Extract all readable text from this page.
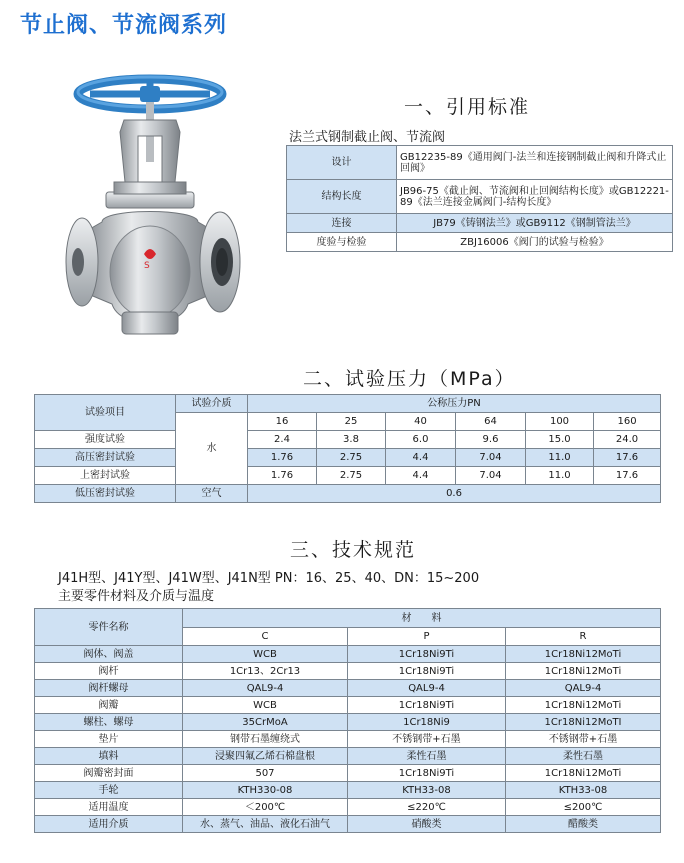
节止阀、节流阀系列
S
一、引用标准
法兰式钢制截止阀、节流阀
设计	GB12235-89《通用阀门-法兰和连接钢制截止阀和升降式止回阀》
结构长度	JB96-75《截止阀、节流阀和止回阀结构长度》或GB12221-89《法兰连接金属阀门-结构长度》
连接	JB79《铸钢法兰》或GB9112《钢制管法兰》
度验与检验	ZBJ16006《阀门的试验与检验》
二、试验压力（MPa）
试验项目	试验介质	公称压力PN					
	水	16	25	40	64	100	160
强度试验		2.4	3.8	6.0	9.6	15.0	24.0
高压密封试验		1.76	2.75	4.4	7.04	11.0	17.6
上密封试验		1.76	2.75	4.4	7.04	11.0	17.6
低压密封试验	空气	0.6					
三、技术规范
J41H型、J41Y型、J41W型、J41N型 PN：16、25、40、DN：15~200
主要零件材料及介质与温度
零件名称	材　　料		
	C	P	R
阀体、阀盖	WCB	1Cr18Ni9Ti	1Cr18Ni12MoTi
阀杆	1Cr13、2Cr13	1Cr18Ni9Ti	1Cr18Ni12MoTi
阀杆螺母	QAL9-4	QAL9-4	QAL9-4
阀瓣	WCB	1Cr18Ni9Ti	1Cr18Ni12MoTi
螺柱、螺母	35CrMoA	1Cr18Ni9	1Cr18Ni12MoTI
垫片	钢带石墨缠绕式	不锈钢带+石墨	不锈钢带+石墨
填料	浸聚四氟乙烯石棉盘根	柔性石墨	柔性石墨
阀瓣密封面	507	1Cr18Ni9Ti	1Cr18Ni12MoTi
手轮	KTH330-08	KTH33-08	KTH33-08
适用温度	＜200℃	≤220℃	≤200℃
适用介质	水、蒸气、油品、液化石油气	硝酸类	醋酸类
